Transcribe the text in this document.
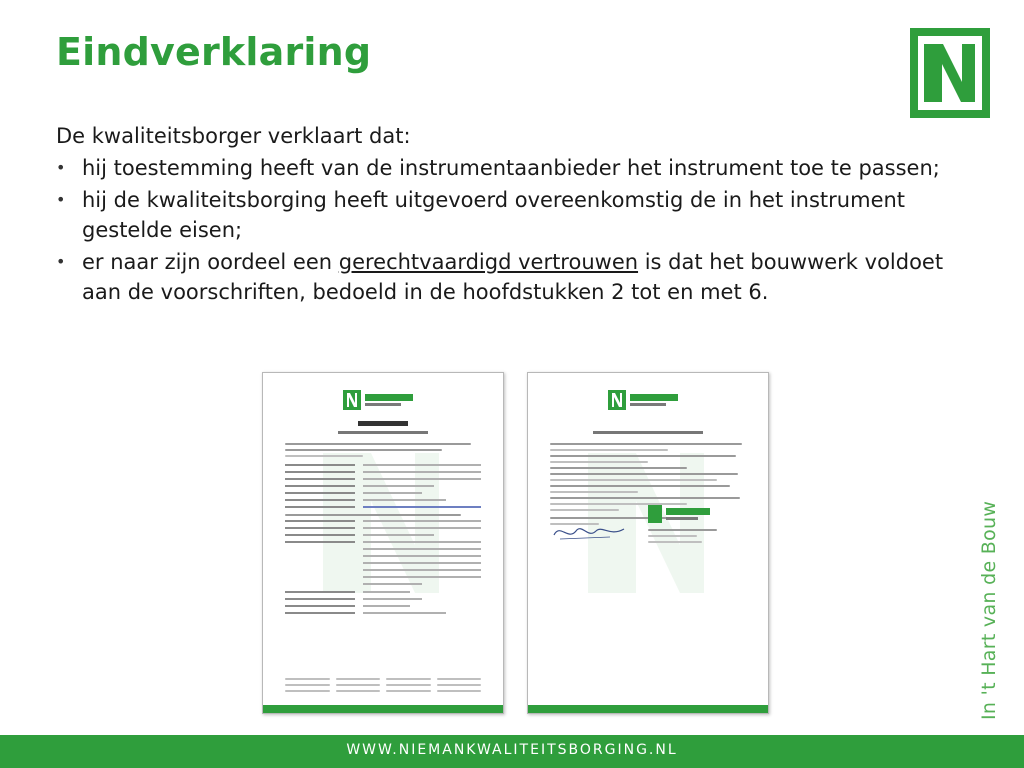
Eindverklaring

De kwaliteitsborger verklaart dat:

• hij toestemming heeft van de instrumentaanbieder het instrument toe te passen;
• hij de kwaliteitsborging heeft uitgevoerd overeenkomstig de in het instrument gestelde eisen;
• er naar zijn oordeel een gerechtvaardigd vertrouwen is dat het bouwwerk voldoet aan de voorschriften, bedoeld in de hoofdstukken 2 tot en met 6.
In 't Hart van de Bouw
WWW.NIEMANKWALITEITSBORGING.NL
